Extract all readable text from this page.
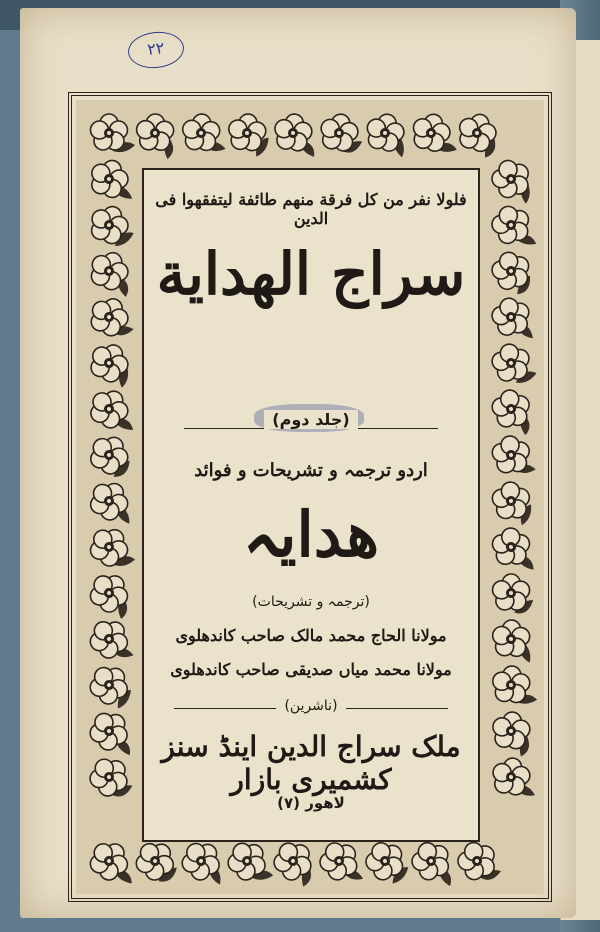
٢٢
فلولا نفر من کل فرقة منهم طائفة لیتفقهوا فی الدین
سراج الھدایة
(جلد دوم)
اردو ترجمہ و تشریحات و فوائد
ھدایہ
(ترجمہ و تشریحات)
مولانا الحاج محمد مالک صاحب کاندھلوی
مولانا محمد میاں صدیقی صاحب کاندھلوی
(ناشرین)
ملک سراج الدین اینڈ سنز کشمیری بازار
لاھور (۷)
